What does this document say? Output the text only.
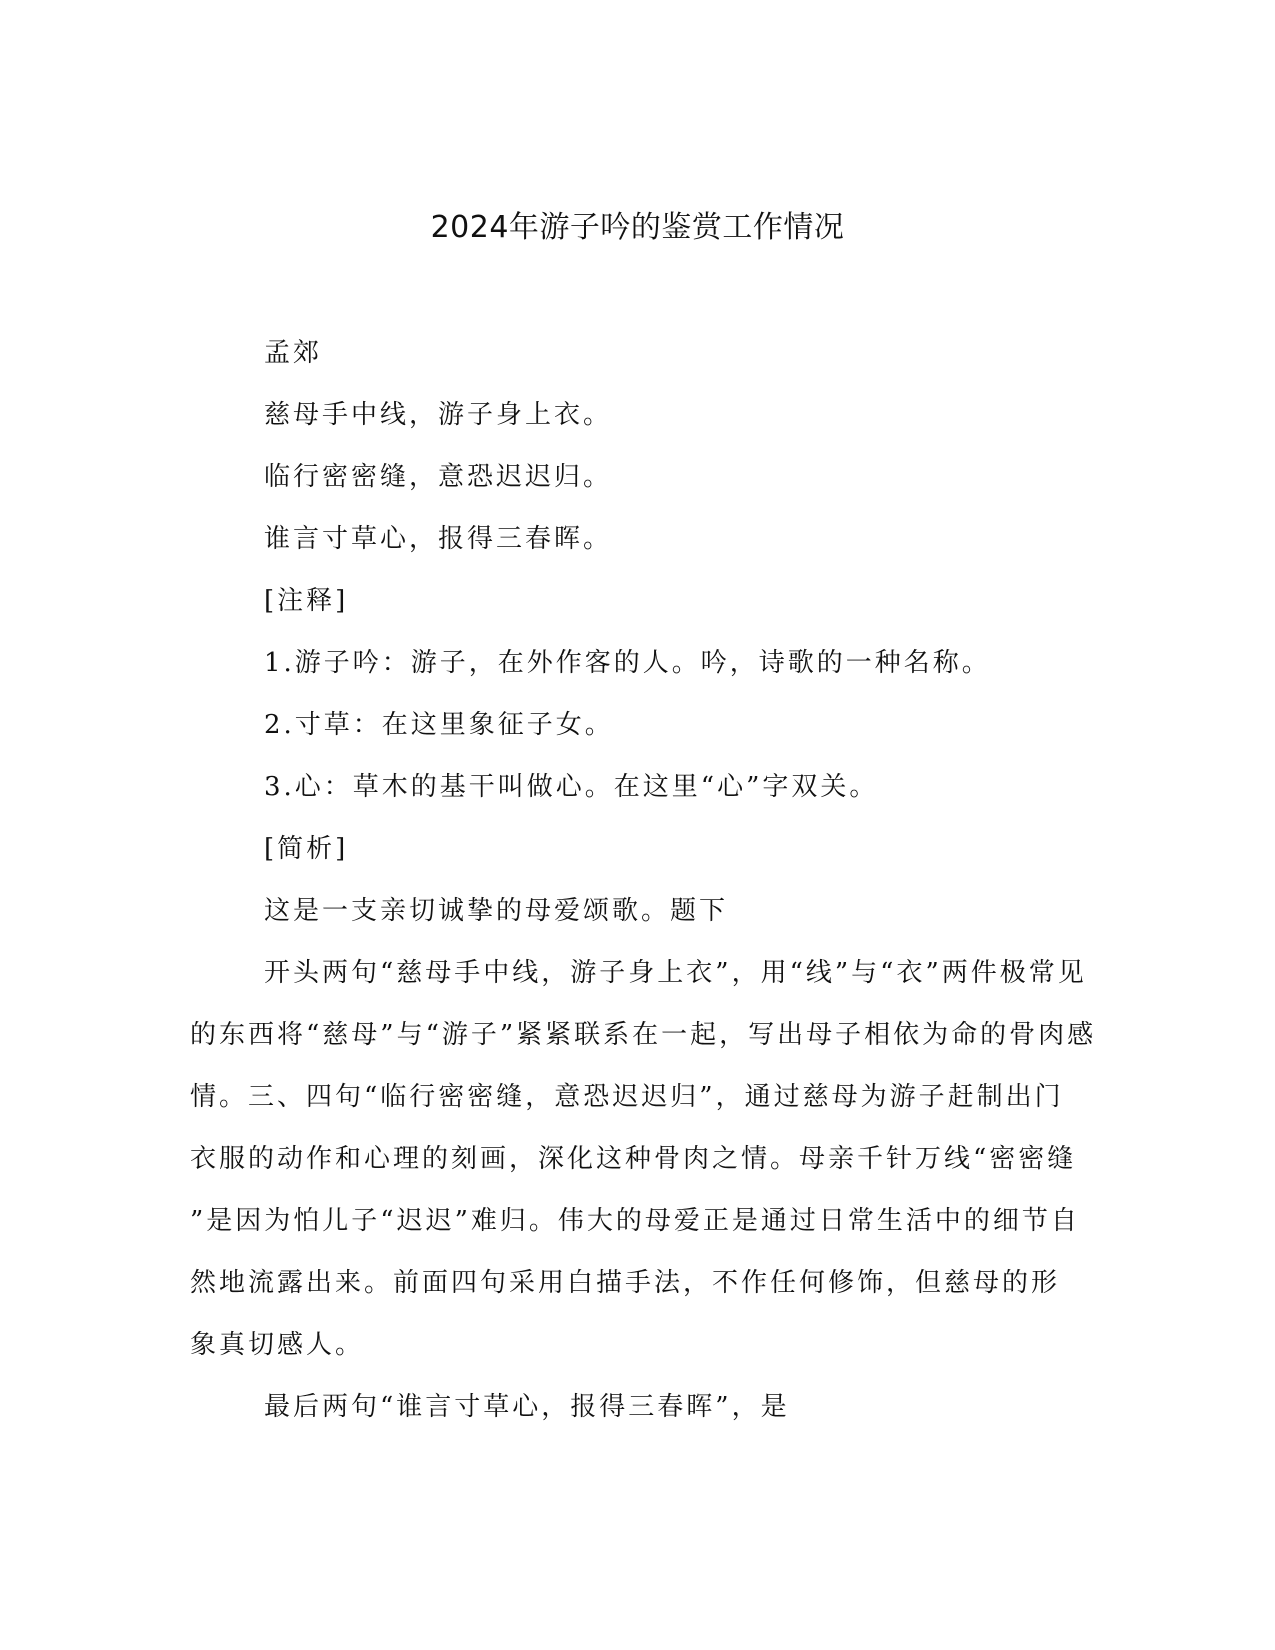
2024年游子吟的鉴赏工作情况

孟郊

慈母手中线，游子身上衣。

临行密密缝，意恐迟迟归。

谁言寸草心，报得三春晖。

[注释]

1.游子吟：游子，在外作客的人。吟，诗歌的一种名称。

2.寸草：在这里象征子女。

3.心：草木的基干叫做心。在这里“心”字双关。

[简析]

这是一支亲切诚挚的母爱颂歌。题下

开头两句“慈母手中线，游子身上衣”，用“线”与“衣”两件极常见

的东西将“慈母”与“游子”紧紧联系在一起，写出母子相依为命的骨肉感

情。三、四句“临行密密缝，意恐迟迟归”，通过慈母为游子赶制出门

衣服的动作和心理的刻画，深化这种骨肉之情。母亲千针万线“密密缝

”是因为怕儿子“迟迟”难归。伟大的母爱正是通过日常生活中的细节自

然地流露出来。前面四句采用白描手法，不作任何修饰，但慈母的形

象真切感人。

最后两句“谁言寸草心，报得三春晖”，是
